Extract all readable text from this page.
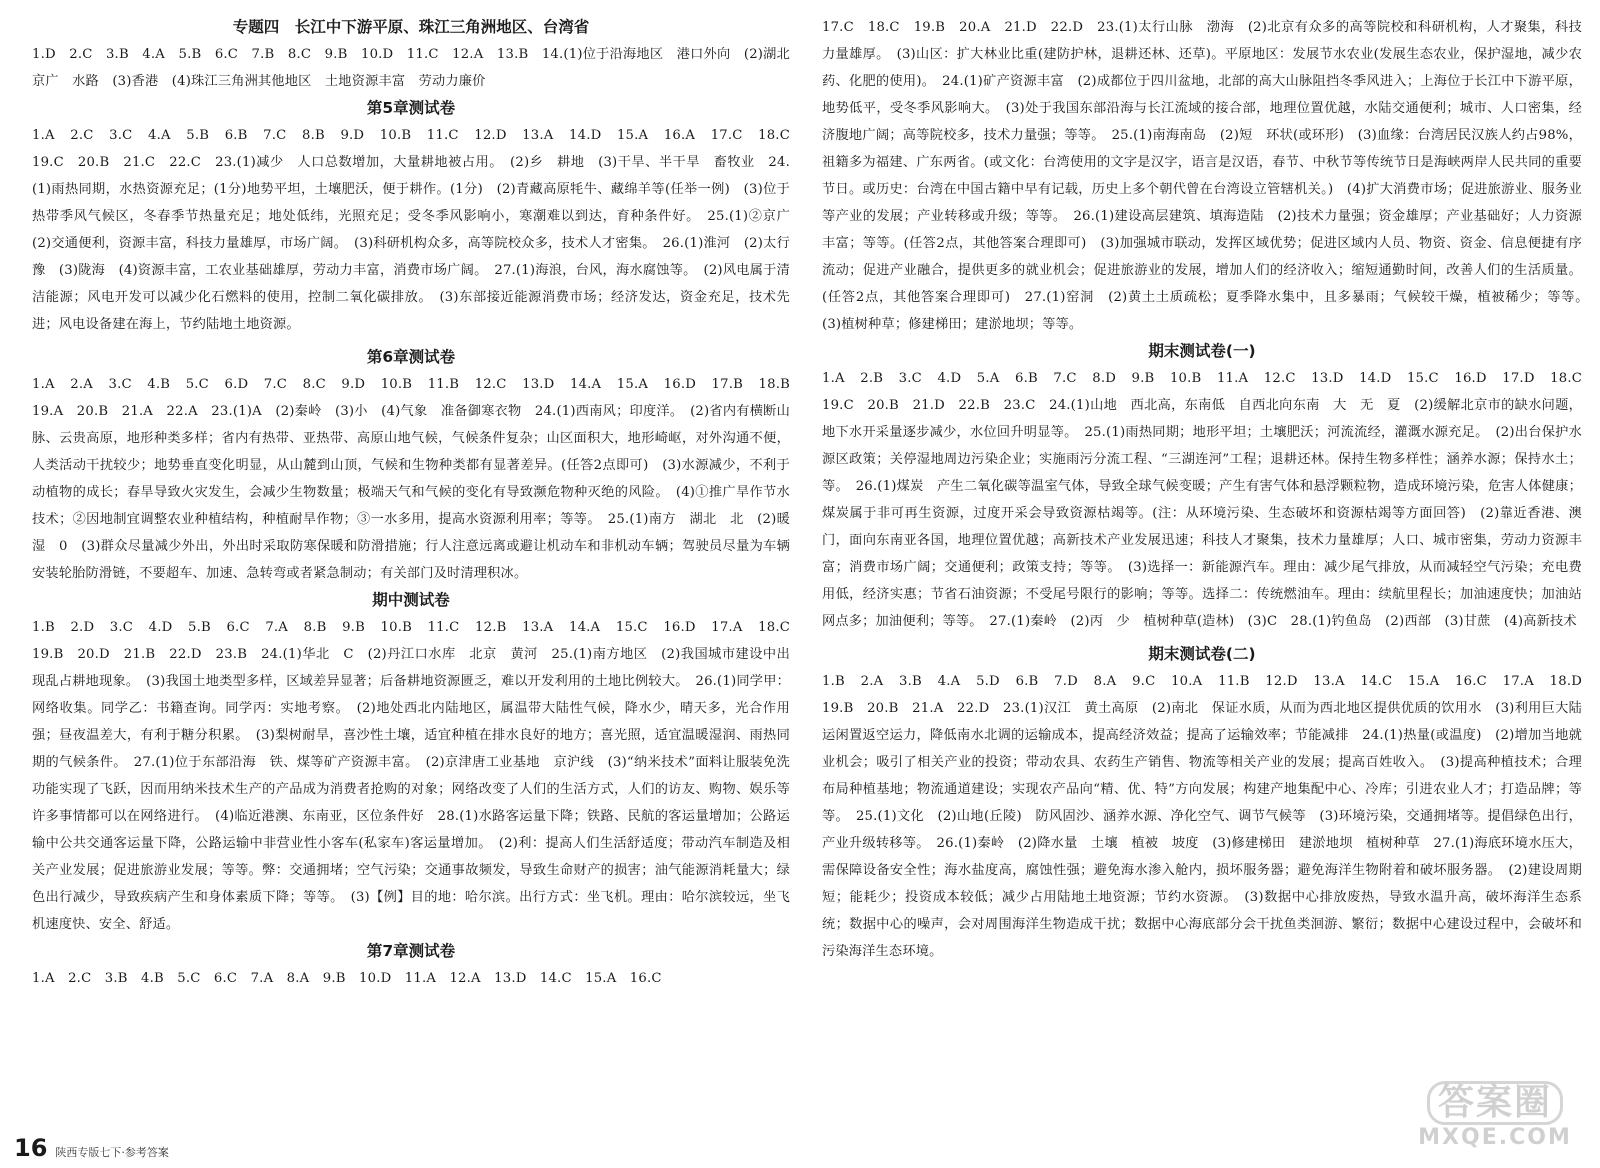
专题四　长江中下游平原、珠江三角洲地区、台湾省

1.D　2.C　3.B　4.A　5.B　6.C　7.B　8.C　9.B　10.D　11.C　12.A　13.B　14.(1)位于沿海地区　港口外向　(2)湖北　京广　水路　(3)香港　(4)珠江三角洲其他地区　土地资源丰富　劳动力廉价

第5章测试卷

1.A　2.C　3.C　4.A　5.B　6.B　7.C　8.B　9.D　10.B　11.C　12.D　13.A　14.D　15.A　16.A　17.C　18.C　19.C　20.B　21.C　22.C　23.(1)减少　人口总数增加，大量耕地被占用。　(2)乡　耕地　(3)干旱、半干旱　畜牧业　24.(1)雨热同期，水热资源充足；(1分)地势平坦，土壤肥沃，便于耕作。(1分)　(2)青藏高原牦牛、藏绵羊等(任举一例)　(3)位于热带季风气候区，冬春季节热量充足；地处低纬，光照充足；受冬季风影响小，寒潮难以到达，育种条件好。　25.(1)②京广　(2)交通便利，资源丰富，科技力量雄厚，市场广阔。　(3)科研机构众多，高等院校众多，技术人才密集。　26.(1)淮河　(2)太行　豫　(3)陇海　(4)资源丰富，工农业基础雄厚，劳动力丰富，消费市场广阔。　27.(1)海浪，台风，海水腐蚀等。　(2)风电属于清洁能源；风电开发可以减少化石燃料的使用，控制二氧化碳排放。　(3)东部接近能源消费市场；经济发达，资金充足，技术先进；风电设备建在海上，节约陆地土地资源。

第6章测试卷

1.A　2.A　3.C　4.B　5.C　6.D　7.C　8.C　9.D　10.B　11.B　12.C　13.D　14.A　15.A　16.D　17.B　18.B　19.A　20.B　21.A　22.A　23.(1)A　(2)秦岭　(3)小　(4)气象　准备御寒衣物　24.(1)西南风；印度洋。　(2)省内有横断山脉、云贵高原，地形种类多样；省内有热带、亚热带、高原山地气候，气候条件复杂；山区面积大，地形崎岖，对外沟通不便，人类活动干扰较少；地势垂直变化明显，从山麓到山顶，气候和生物种类都有显著差异。(任答2点即可)　(3)水源减少，不利于动植物的成长；春旱导致火灾发生，会减少生物数量；极端天气和气候的变化有导致濒危物种灭绝的风险。　(4)①推广旱作节水技术；②因地制宜调整农业种植结构，种植耐旱作物；③一水多用，提高水资源利用率；等等。　25.(1)南方　湖北　北　(2)暖湿　0　(3)群众尽量减少外出，外出时采取防寒保暖和防滑措施；行人注意远离或避让机动车和非机动车辆；驾驶员尽量为车辆安装轮胎防滑链，不要超车、加速、急转弯或者紧急制动；有关部门及时清理积冰。

期中测试卷

1.B　2.D　3.C　4.D　5.B　6.C　7.A　8.B　9.B　10.B　11.C　12.B　13.A　14.A　15.C　16.D　17.A　18.C　19.B　20.D　21.B　22.D　23.B　24.(1)华北　C　(2)丹江口水库　北京　黄河　25.(1)南方地区　(2)我国城市建设中出现乱占耕地现象。　(3)我国土地类型多样，区域差异显著；后备耕地资源匮乏，难以开发利用的土地比例较大。　26.(1)同学甲：网络收集。同学乙：书籍查询。同学丙：实地考察。　(2)地处西北内陆地区，属温带大陆性气候，降水少，晴天多，光合作用强；昼夜温差大，有利于糖分积累。　(3)梨树耐旱，喜沙性土壤，适宜种植在排水良好的地方；喜光照，适宜温暖湿润、雨热同期的气候条件。　27.(1)位于东部沿海　铁、煤等矿产资源丰富。　(2)京津唐工业基地　京沪线　(3)“纳米技术”面料让服装免洗功能实现了飞跃，因而用纳米技术生产的产品成为消费者抢购的对象；网络改变了人们的生活方式，人们的访友、购物、娱乐等许多事情都可以在网络进行。　(4)临近港澳、东南亚，区位条件好　28.(1)水路客运量下降；铁路、民航的客运量增加；公路运输中公共交通客运量下降，公路运输中非营业性小客车(私家车)客运量增加。　(2)利：提高人们生活舒适度；带动汽车制造及相关产业发展；促进旅游业发展；等等。弊：交通拥堵；空气污染；交通事故频发，导致生命财产的损害；油气能源消耗量大；绿色出行减少，导致疾病产生和身体素质下降；等等。　(3)【例】目的地：哈尔滨。出行方式：坐飞机。理由：哈尔滨较远，坐飞机速度快、安全、舒适。

第7章测试卷

1.A　2.C　3.B　4.B　5.C　6.C　7.A　8.A　9.B　10.D　11.A　12.A　13.D　14.C　15.A　16.C

17.C　18.C　19.B　20.A　21.D　22.D　23.(1)太行山脉　渤海　(2)北京有众多的高等院校和科研机构，人才聚集，科技力量雄厚。　(3)山区：扩大林业比重(建防护林，退耕还林、还草)。平原地区：发展节水农业(发展生态农业，保护湿地，减少农药、化肥的使用)。　24.(1)矿产资源丰富　(2)成都位于四川盆地，北部的高大山脉阻挡冬季风进入；上海位于长江中下游平原，地势低平，受冬季风影响大。　(3)处于我国东部沿海与长江流域的接合部，地理位置优越，水陆交通便利；城市、人口密集，经济腹地广阔；高等院校多，技术力量强；等等。　25.(1)南海南岛　(2)短　环状(或环形)　(3)血缘：台湾居民汉族人约占98%，祖籍多为福建、广东两省。(或文化：台湾使用的文字是汉字，语言是汉语，春节、中秋节等传统节日是海峡两岸人民共同的重要节日。或历史：台湾在中国古籍中早有记载，历史上多个朝代曾在台湾设立管辖机关。)　(4)扩大消费市场；促进旅游业、服务业等产业的发展；产业转移或升级；等等。　26.(1)建设高层建筑、填海造陆　(2)技术力量强；资金雄厚；产业基础好；人力资源丰富；等等。(任答2点，其他答案合理即可)　(3)加强城市联动，发挥区域优势；促进区域内人员、物资、资金、信息便捷有序流动；促进产业融合，提供更多的就业机会；促进旅游业的发展，增加人们的经济收入；缩短通勤时间，改善人们的生活质量。(任答2点，其他答案合理即可)　27.(1)窑洞　(2)黄土土质疏松；夏季降水集中，且多暴雨；气候较干燥，植被稀少；等等。　(3)植树种草；修建梯田；建淤地坝；等等。

期末测试卷(一)

1.A　2.B　3.C　4.D　5.A　6.B　7.C　8.D　9.B　10.B　11.A　12.C　13.D　14.D　15.C　16.D　17.D　18.C　19.C　20.B　21.D　22.B　23.C　24.(1)山地　西北高，东南低　自西北向东南　大　无　夏　(2)缓解北京市的缺水问题，地下水开采量逐步减少，水位回升明显等。　25.(1)雨热同期；地形平坦；土壤肥沃；河流流经，灌溉水源充足。　(2)出台保护水源区政策；关停湿地周边污染企业；实施雨污分流工程、“三湖连河”工程；退耕还林。保持生物多样性；涵养水源；保持水土；等。　26.(1)煤炭　产生二氧化碳等温室气体，导致全球气候变暖；产生有害气体和悬浮颗粒物，造成环境污染，危害人体健康；煤炭属于非可再生资源，过度开采会导致资源枯竭等。(注：从环境污染、生态破坏和资源枯竭等方面回答)　(2)靠近香港、澳门，面向东南亚各国，地理位置优越；高新技术产业发展迅速；科技人才聚集，技术力量雄厚；人口、城市密集，劳动力资源丰富；消费市场广阔；交通便利；政策支持；等等。　(3)选择一：新能源汽车。理由：减少尾气排放，从而减轻空气污染；充电费用低，经济实惠；节省石油资源；不受尾号限行的影响；等等。选择二：传统燃油车。理由：续航里程长；加油速度快；加油站网点多；加油便利；等等。　27.(1)秦岭　(2)丙　少　植树种草(造林)　(3)C　28.(1)钓鱼岛　(2)西部　(3)甘蔗　(4)高新技术

期末测试卷(二)

1.B　2.A　3.B　4.A　5.D　6.B　7.D　8.A　9.C　10.A　11.B　12.D　13.A　14.C　15.A　16.C　17.A　18.D　19.B　20.B　21.A　22.D　23.(1)汉江　黄土高原　(2)南北　保证水质，从而为西北地区提供优质的饮用水　(3)利用巨大陆运闲置返空运力，降低南水北调的运输成本，提高经济效益；提高了运输效率；节能减排　24.(1)热量(或温度)　(2)增加当地就业机会；吸引了相关产业的投资；带动农具、农药生产销售、物流等相关产业的发展；提高百姓收入。　(3)提高种植技术；合理布局种植基地；物流通道建设；实现农产品向“精、优、特”方向发展；构建产地集配中心、冷库；引进农业人才；打造品牌；等等。　25.(1)文化　(2)山地(丘陵)　防风固沙、涵养水源、净化空气、调节气候等　(3)环境污染，交通拥堵等。提倡绿色出行，产业升级转移等。　26.(1)秦岭　(2)降水量　土壤　植被　坡度　(3)修建梯田　建淤地坝　植树种草　27.(1)海底环境水压大，需保障设备安全性；海水盐度高，腐蚀性强；避免海水渗入舱内，损坏服务器；避免海洋生物附着和破坏服务器。　(2)建设周期短；能耗少；投资成本较低；减少占用陆地土地资源；节约水资源。　(3)数据中心排放废热，导致水温升高，破坏海洋生态系统；数据中心的噪声，会对周围海洋生物造成干扰；数据中心海底部分会干扰鱼类洄游、繁衍；数据中心建设过程中，会破坏和污染海洋生态环境。

16 陕西专版七下·参考答案
答案圈
MXQE.COM
